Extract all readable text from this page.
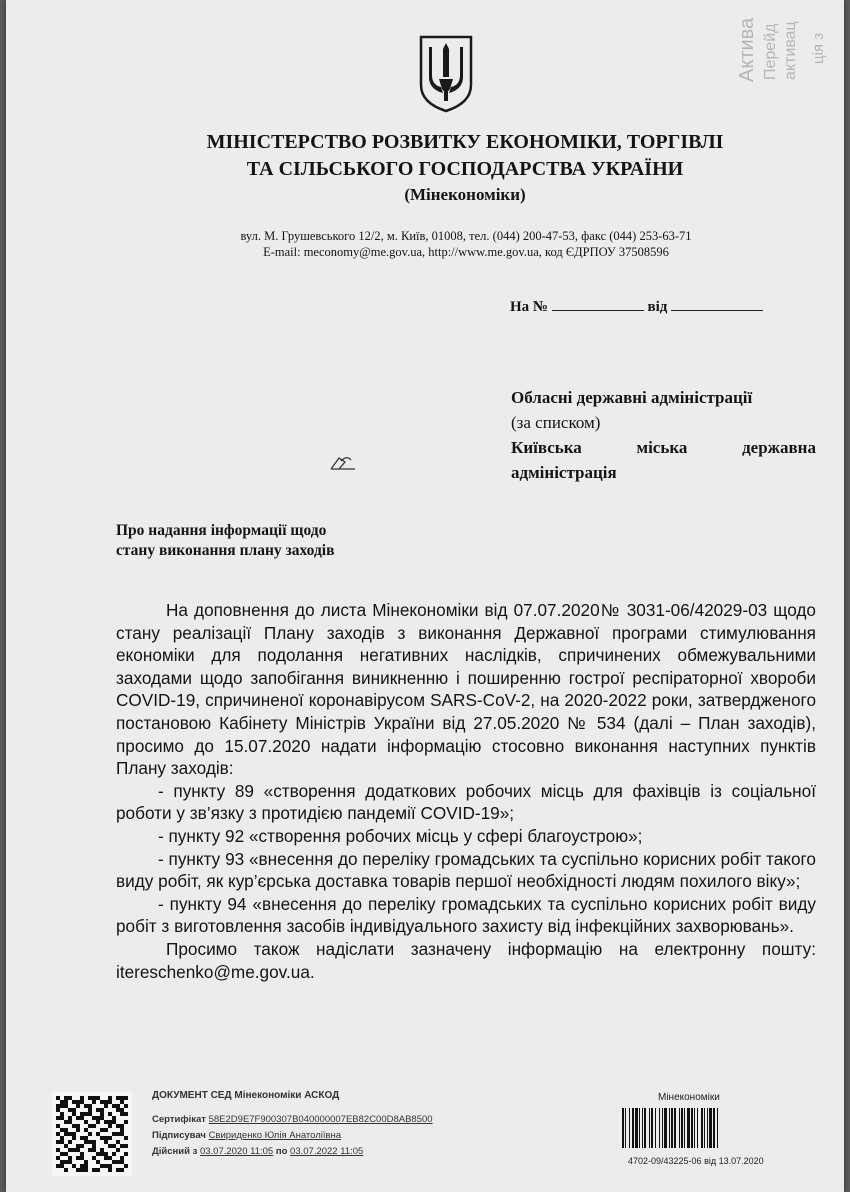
Актива Перейд активац ція з
МІНІСТЕРСТВО РОЗВИТКУ ЕКОНОМІКИ, ТОРГІВЛІ
ТА СІЛЬСЬКОГО ГОСПОДАРСТВА УКРАЇНИ
(Мінекономіки)
вул. М. Грушевського 12/2, м. Київ, 01008, тел. (044) 200-47-53, факс (044) 253-63-71
E-mail: meconomy@me.gov.ua, http://www.me.gov.ua, код ЄДРПОУ 37508596
На №	від
Обласні державні адміністрації
(за списком)
Київська	міська	державна
адміністрація
Про надання інформації щодо
стану виконання плану заходів

На доповнення до листа Мінекономіки від 07.07.2020№ 3031-06/42029-03 щодо стану реалізації Плану заходів з виконання Державної програми стимулювання економіки для подолання негативних наслідків, спричинених обмежувальними заходами щодо запобігання виникненню і поширенню гострої респіраторної хвороби COVID-19, спричиненої коронавірусом SARS-CoV-2, на 2020-2022 роки, затвердженого постановою Кабінету Міністрів України від 27.05.2020 № 534 (далі – План заходів), просимо до 15.07.2020 надати інформацію стосовно виконання наступних пунктів Плану заходів:

- пункту 89 «створення додаткових робочих місць для фахівців із соціальної роботи у зв’язку з протидією пандемії COVID-19»;

- пункту 92 «створення робочих місць у сфері благоустрою»;

- пункту 93 «внесення до переліку громадських та суспільно корисних робіт такого виду робіт, як кур’єрська доставка товарів першої необхідності людям похилого віку»;

- пункту 94 «внесення до переліку громадських та суспільно корисних робіт виду робіт з виготовлення засобів індивідуального захисту від інфекційних захворювань».

Просимо також надіслати зазначену інформацію на електронну пошту: itereschenko@me.gov.ua.

ДОКУМЕНТ СЕД Мінекономіки АСКОД
Сертифікат 58E2D9E7F900307B040000007EB82C00D8AB8500
Підписувач Свириденко Юлія Анатоліївна
Дійсний з 03.07.2020 11:05 по 03.07.2022 11:05
Мінекономіки
4702-09/43225-06 від 13.07.2020
